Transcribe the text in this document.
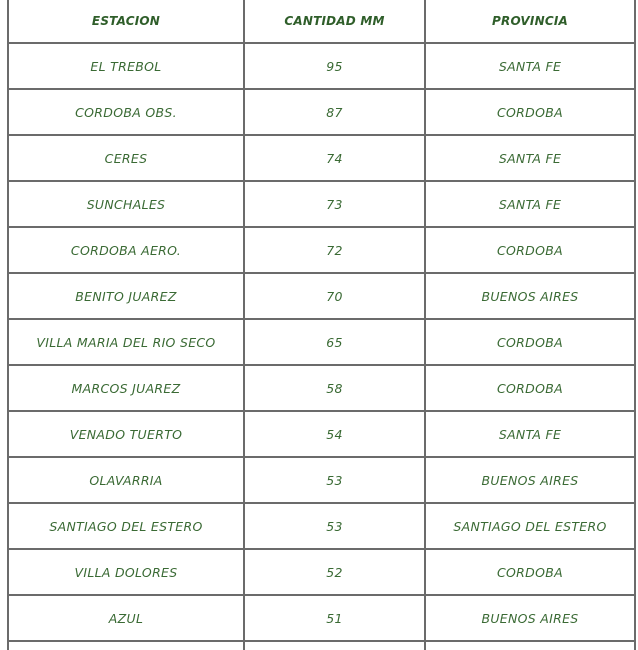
ESTACION	CANTIDAD MM	PROVINCIA
EL TREBOL	95	SANTA FE
CORDOBA OBS.	87	CORDOBA
CERES	74	SANTA FE
SUNCHALES	73	SANTA FE
CORDOBA AERO.	72	CORDOBA
BENITO JUAREZ	70	BUENOS AIRES
VILLA MARIA DEL RIO SECO	65	CORDOBA
MARCOS JUAREZ	58	CORDOBA
VENADO TUERTO	54	SANTA FE
OLAVARRIA	53	BUENOS AIRES
SANTIAGO DEL ESTERO	53	SANTIAGO DEL ESTERO
VILLA DOLORES	52	CORDOBA
AZUL	51	BUENOS AIRES
